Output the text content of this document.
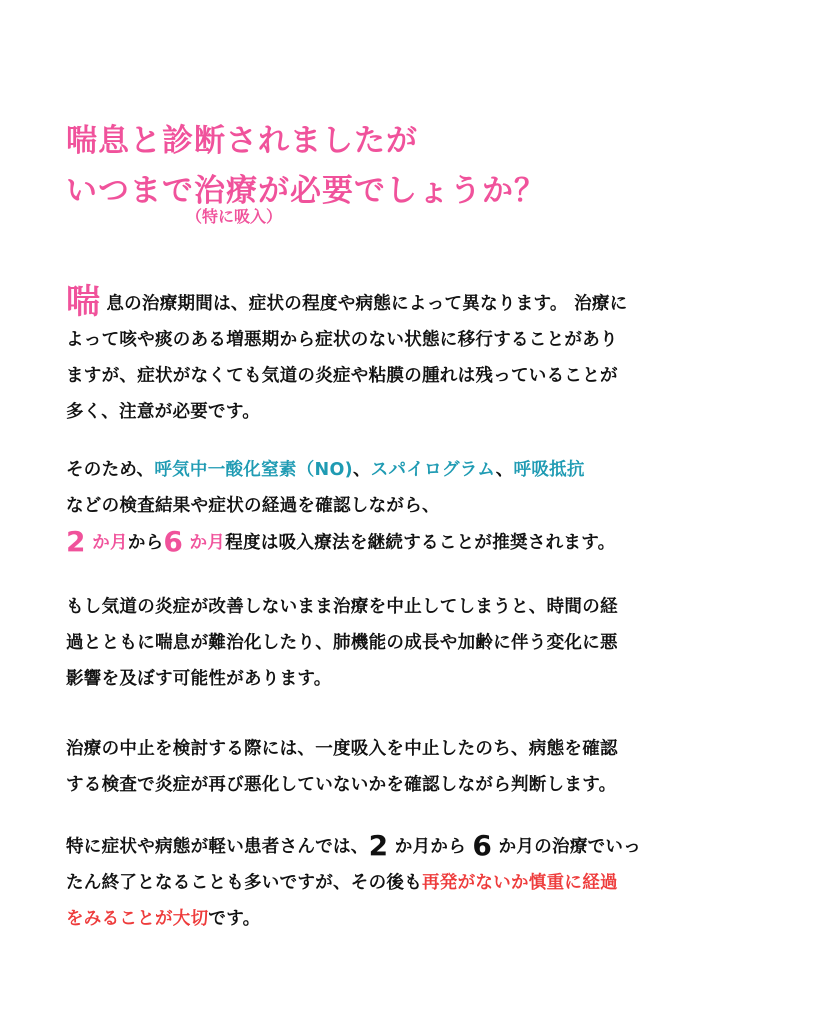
喘息と診断されましたが
いつまで治療が必要でしょうか？
（特に吸入）
喘息の治療期間は、症状の程度や病態によって異なります。 治療に
よって咳や痰のある増悪期から症状のない状態に移行することがあり
ますが、症状がなくても気道の炎症や粘膜の腫れは残っていることが
多く、注意が必要です。
そのため、呼気中一酸化窒素（NO)、スパイログラム、呼吸抵抗
などの検査結果や症状の経過を確認しながら、
2 か月から6 か月程度は吸入療法を継続することが推奨されます。
もし気道の炎症が改善しないまま治療を中止してしまうと、時間の経
過とともに喘息が難治化したり、肺機能の成長や加齢に伴う変化に悪
影響を及ぼす可能性があります。
治療の中止を検討する際には、一度吸入を中止したのち、病態を確認
する検査で炎症が再び悪化していないかを確認しながら判断します。
特に症状や病態が軽い患者さんでは、2 か月から 6 か月の治療でいっ
たん終了となることも多いですが、その後も再発がないか慎重に経過
をみることが大切です。
